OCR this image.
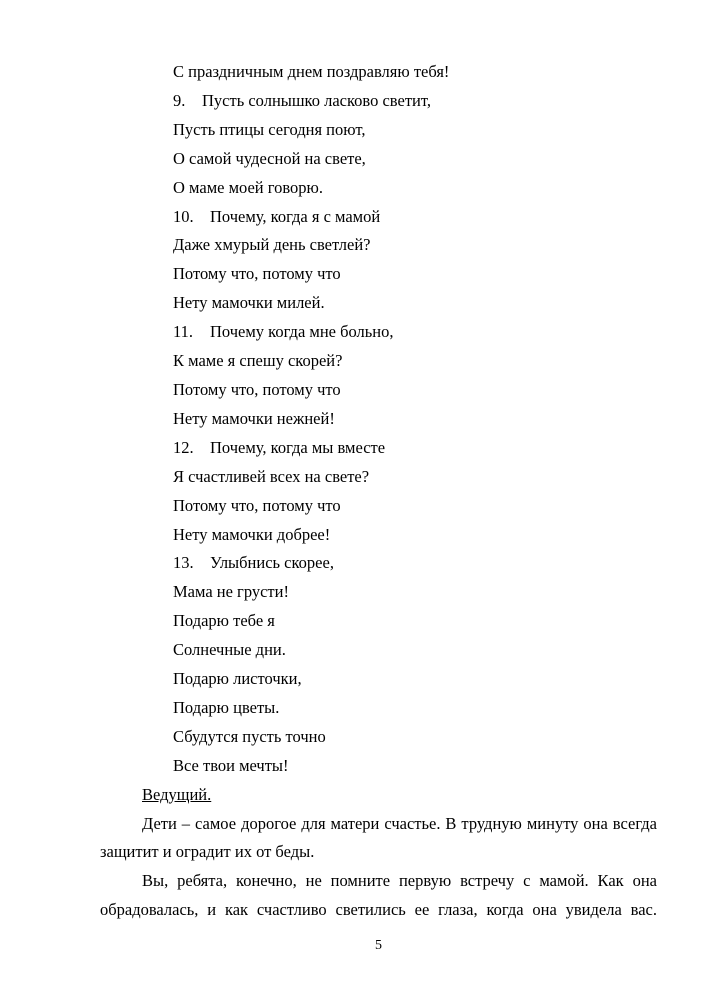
С праздничным днем поздравляю тебя!
9. Пусть солнышко ласково светит,
Пусть птицы сегодня поют,
О самой чудесной на свете,
О маме моей говорю.
10. Почему, когда я с мамой
Даже хмурый день светлей?
Потому что, потому что
Нету мамочки милей.
11. Почему когда мне больно,
К маме я спешу скорей?
Потому что, потому что
Нету мамочки нежней!
12. Почему, когда мы вместе
Я счастливей всех на свете?
Потому что, потому что
Нету мамочки добрее!
13. Улыбнись скорее,
Мама не грусти!
Подарю тебе я
Солнечные дни.
Подарю листочки,
Подарю цветы.
Сбудутся пусть точно
Все твои мечты!
Ведущий.
Дети – самое дорогое для матери счастье. В трудную минуту она всегда
защитит и оградит их от беды.
Вы, ребята, конечно, не помните первую встречу с мамой. Как она
обрадовалась, и как счастливо светились ее глаза, когда она увидела вас.
5
